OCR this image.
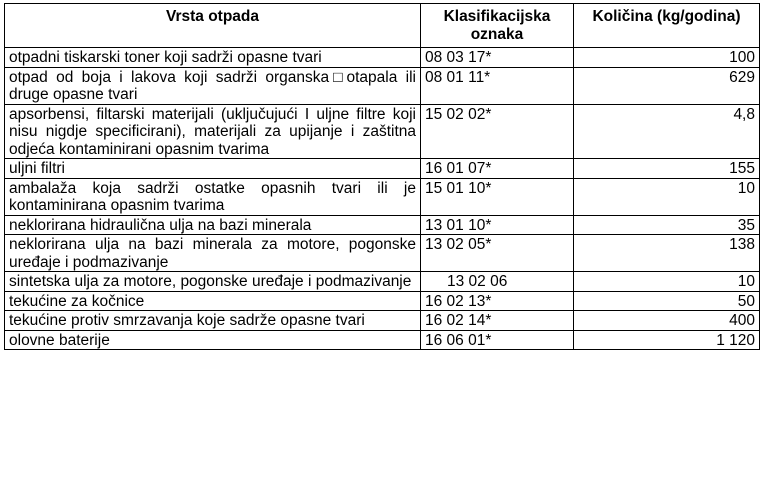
Vrsta otpada	Klasifikacijska oznaka	Količina (kg/godina)
otpadni tiskarski toner koji sadrži opasne tvari	08 03 17*	100
otpad od boja i lakova koji sadrži organska□otapala ili druge opasne tvari	08 01 11*	629
apsorbensi, filtarski materijali (uključujući I uljne filtre koji nisu nigdje specificirani), materijali za upijanje i zaštitna odjeća kontaminirani opasnim tvarima	15 02 02*	4,8
uljni filtri	16 01 07*	155
ambalaža koja sadrži ostatke opasnih tvari ili je kontaminirana opasnim tvarima	15 01 10*	10
neklorirana hidraulična ulja na bazi minerala	13 01 10*	35
neklorirana ulja na bazi minerala za motore, pogonske uređaje i podmazivanje	13 02 05*	138
sintetska ulja za motore, pogonske uređaje i podmazivanje	13 02 06	10
tekućine za kočnice	16 02 13*	50
tekućine protiv smrzavanja koje sadrže opasne tvari	16 02 14*	400
olovne baterije	16 06 01*	1 120
